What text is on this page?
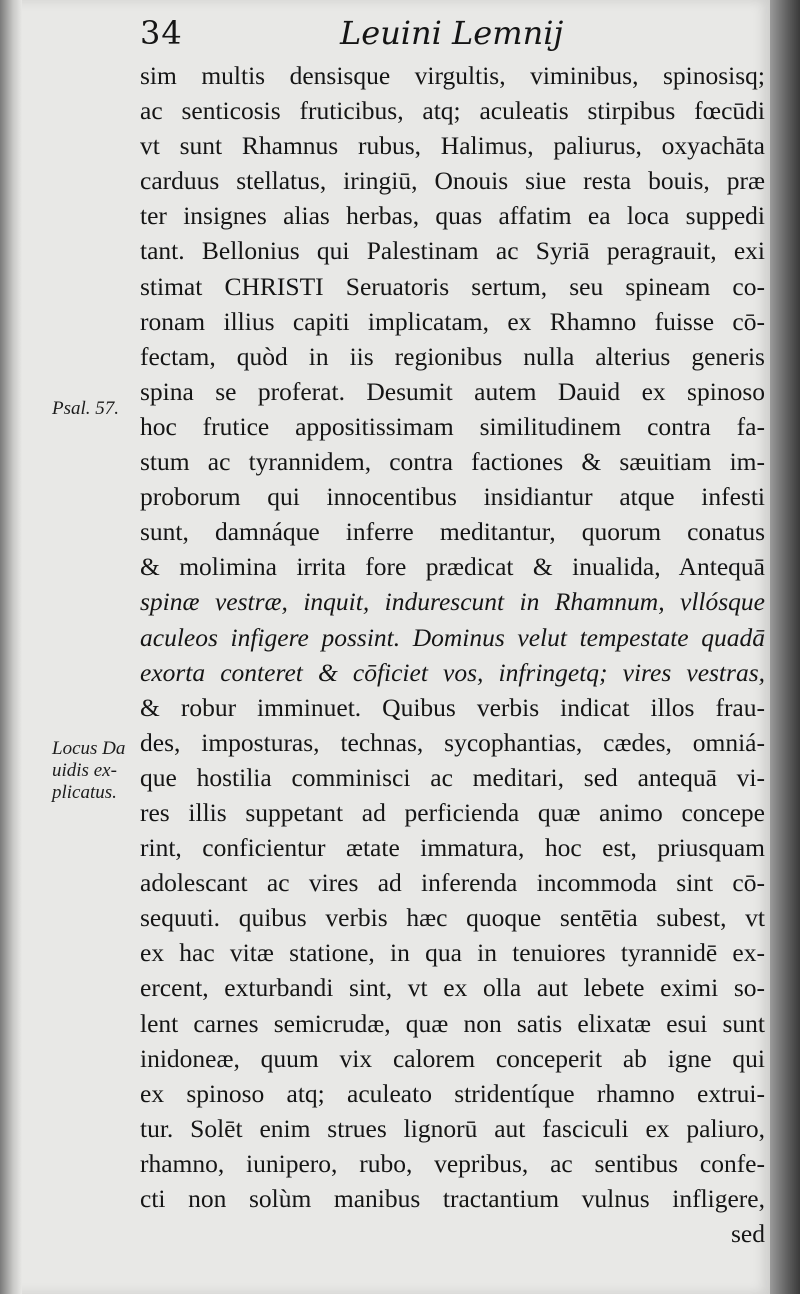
34	Leuini Lemnij
Psal. 57.
Locus Da
uidis ex-
plicatus.
sim multis densisque virgultis, viminibus, spinosisq;
ac senticosis fruticibus, atq; aculeatis stirpibus fœcūdi
vt sunt Rhamnus rubus, Halimus, paliurus, oxyachāta
carduus stellatus, iringiū, Onouis siue resta bouis, præ
ter insignes alias herbas, quas affatim ea loca suppedi
tant. Bellonius qui Palestinam ac Syriā peragrauit, exi
stimat CHRISTI Seruatoris sertum, seu spineam co-
ronam illius capiti implicatam, ex Rhamno fuisse cō-
fectam, quòd in iis regionibus nulla alterius generis
spina se proferat. Desumit autem Dauid ex spinoso
hoc frutice appositissimam similitudinem contra fa-
stum ac tyrannidem, contra factiones & sæuitiam im-
proborum qui innocentibus insidiantur atque infesti
sunt, damnáque inferre meditantur, quorum conatus
& molimina irrita fore prædicat & inualida, Antequā
spinæ vestræ, inquit, indurescunt in Rhamnum, vllósque
aculeos infigere possint. Dominus velut tempestate quadā
exorta conteret & cōficiet vos, infringetq; vires vestras,
& robur imminuet. Quibus verbis indicat illos frau-
des, imposturas, technas, sycophantias, cædes, omniá-
que hostilia comminisci ac meditari, sed antequā vi-
res illis suppetant ad perficienda quæ animo concepe
rint, conficientur ætate immatura, hoc est, priusquam
adolescant ac vires ad inferenda incommoda sint cō-
sequuti. quibus verbis hæc quoque sentētia subest, vt
ex hac vitæ statione, in qua in tenuiores tyrannidē ex-
ercent, exturbandi sint, vt ex olla aut lebete eximi so-
lent carnes semicrudæ, quæ non satis elixatæ esui sunt
inidoneæ, quum vix calorem conceperit ab igne qui
ex spinoso atq; aculeato stridentíque rhamno extrui-
tur. Solēt enim strues lignorū aut fasciculi ex paliuro,
rhamno, iunipero, rubo, vepribus, ac sentibus confe-
cti non solùm manibus tractantium vulnus infligere,
sed
